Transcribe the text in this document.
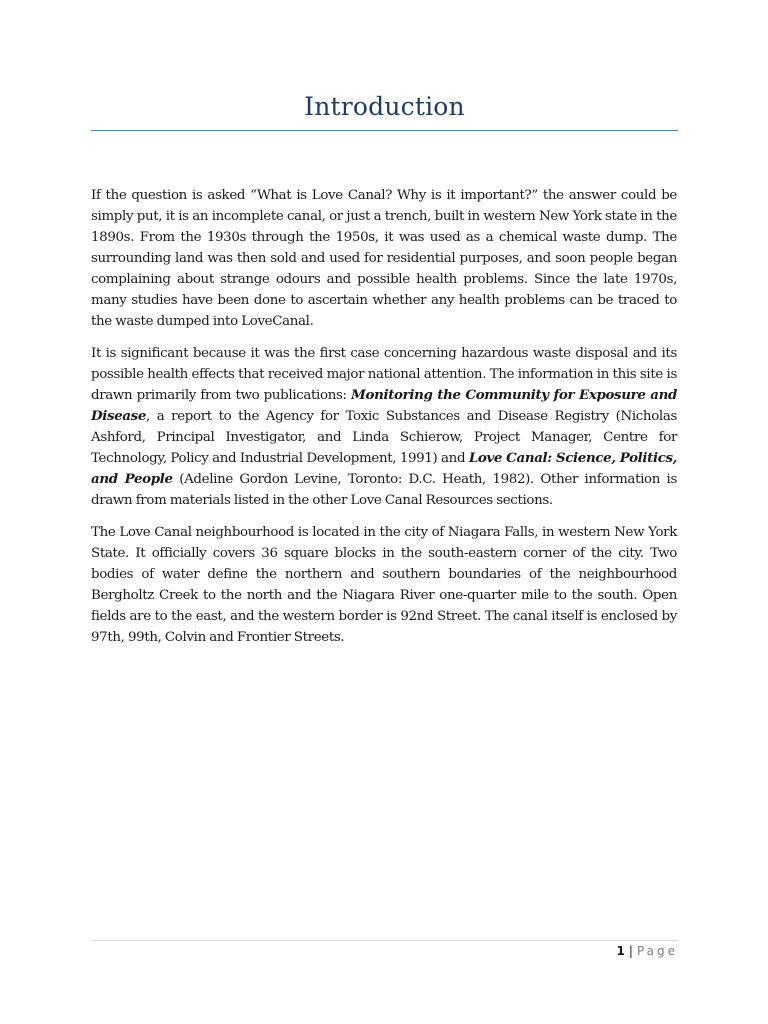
Introduction

If the question is asked “What is Love Canal? Why is it important?” the answer could be simply put, it is an incomplete canal, or just a trench, built in western New York state in the 1890s. From the 1930s through the 1950s, it was used as a chemical waste dump. The surrounding land was then sold and used for residential purposes, and soon people began complaining about strange odours and possible health problems. Since the late 1970s, many studies have been done to ascertain whether any health problems can be traced to the waste dumped into LoveCanal.

It is significant because it was the first case concerning hazardous waste disposal and its possible health effects that received major national attention. The information in this site is drawn primarily from two publications: Monitoring the Community for Exposure and Disease, a report to the Agency for Toxic Substances and Disease Registry (Nicholas Ashford, Principal Investigator, and Linda Schierow, Project Manager, Centre for Technology, Policy and Industrial Development, 1991) and Love Canal: Science, Politics, and People (Adeline Gordon Levine, Toronto: D.C. Heath, 1982). Other information is drawn from materials listed in the other Love Canal Resources sections.

The Love Canal neighbourhood is located in the city of Niagara Falls, in western New York State. It officially covers 36 square blocks in the south-eastern corner of the city. Two bodies of water define the northern and southern boundaries of the neighbourhood Bergholtz Creek to the north and the Niagara River one-quarter mile to the south. Open fields are to the east, and the western border is 92nd Street. The canal itself is enclosed by 97th, 99th, Colvin and Frontier Streets.

1 | Page
